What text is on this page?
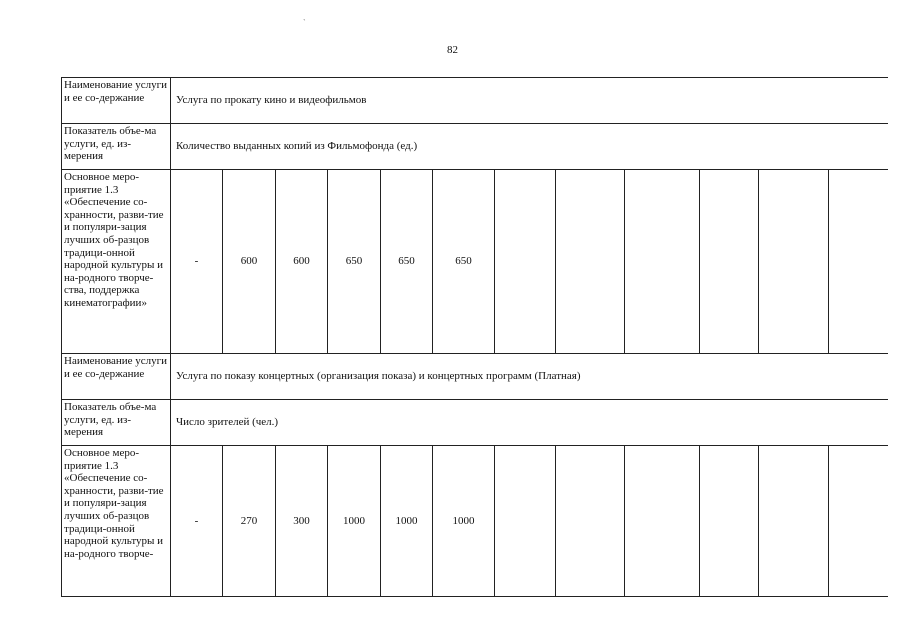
`
82
Наименование услуги и ее со-держание	Услуга по прокату кино и видеофильмов											
Показатель объе-ма услуги, ед. из-мерения	Количество выданных копий из Фильмофонда (ед.)											
Основное меро-приятие 1.3 «Обеспечение со-хранности, разви-тие и популяри-зация лучших об-разцов традици-онной народной культуры и на-родного творче-ства, поддержка кинематографии»	-	600	600	650	650	650						
Наименование услуги и ее со-держание	Услуга по показу концертных (организация показа) и концертных программ (Платная)											
Показатель объе-ма услуги, ед. из-мерения	Число зрителей (чел.)											
Основное меро-приятие 1.3 «Обеспечение со-хранности, разви-тие и популяри-зация лучших об-разцов традици-онной народной культуры и на-родного творче-	-	270	300	1000	1000	1000						
